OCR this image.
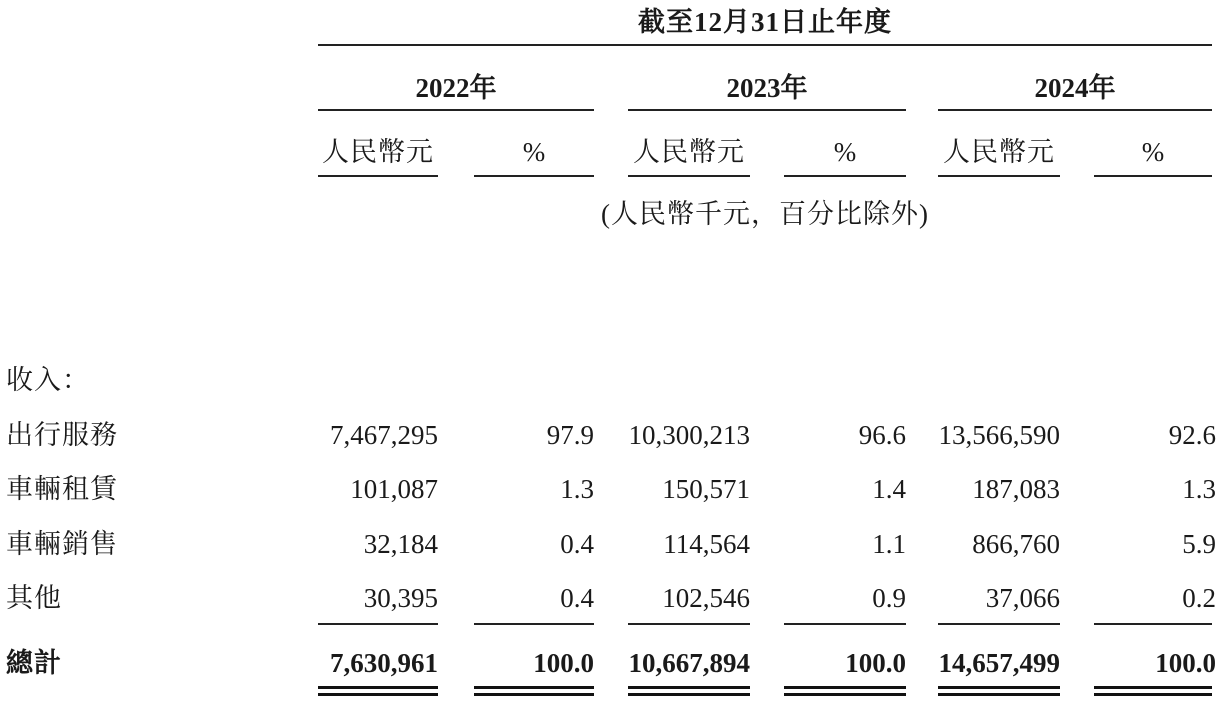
截至12月31日止年度
2022年	2023年	2024年
人民幣元	%	人民幣元	%	人民幣元	%
(人民幣千元，百分比除外)
收入：
出行服務	7,467,295	97.9	10,300,213	96.6	13,566,590	92.6
車輛租賃	101,087	1.3	150,571	1.4	187,083	1.3
車輛銷售	32,184	0.4	114,564	1.1	866,760	5.9
其他	30,395	0.4	102,546	0.9	37,066	0.2
總計	7,630,961	100.0	10,667,894	100.0	14,657,499	100.0
